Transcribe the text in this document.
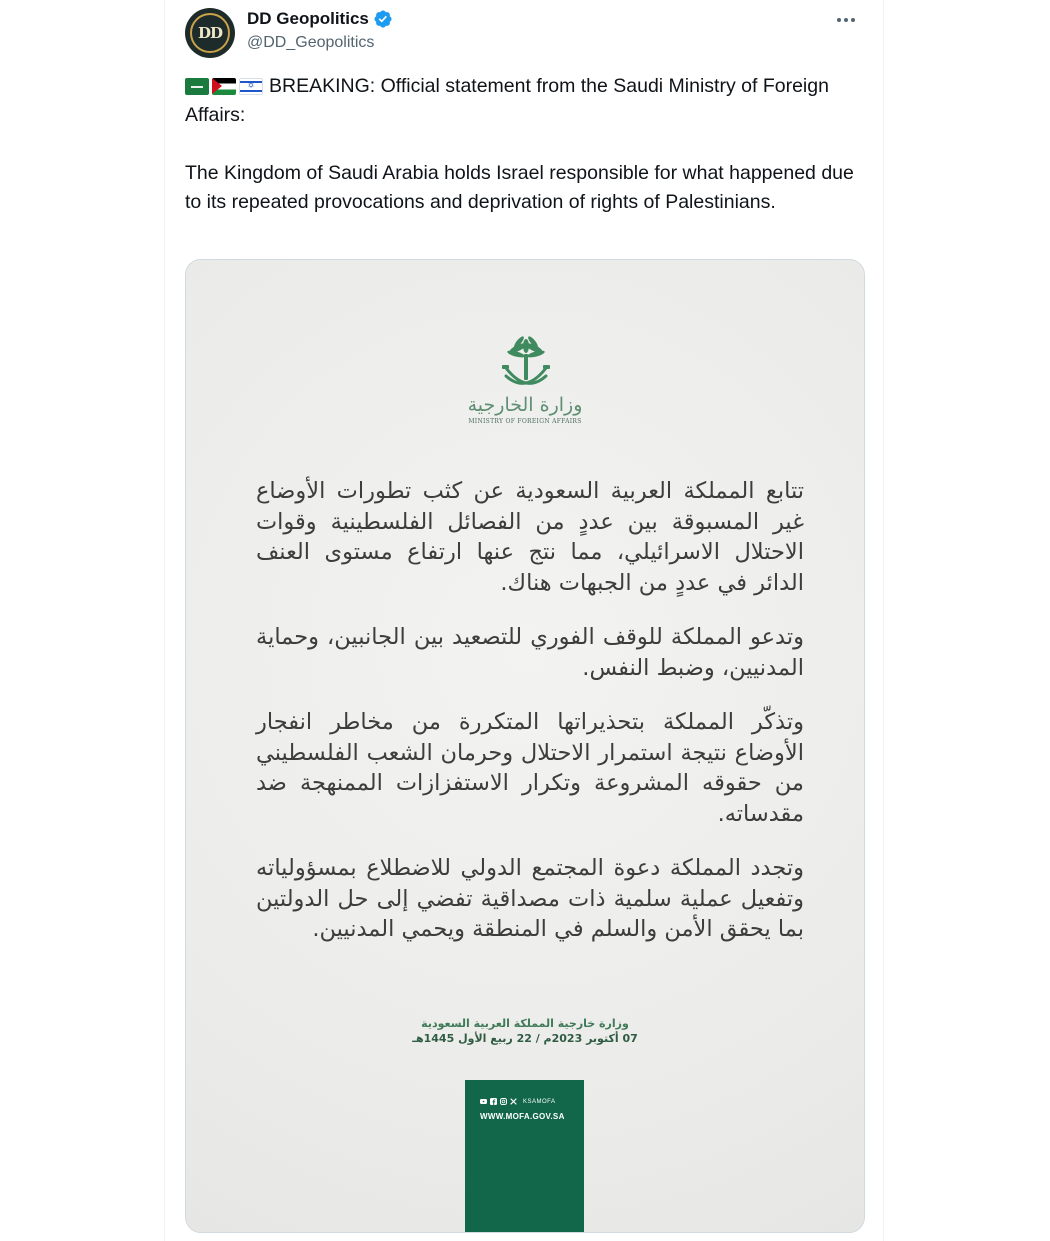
DD
DD Geopolitics
@DD_Geopolitics

✡
BREAKING: Official statement from the Saudi Ministry of Foreign Affairs:

The Kingdom of Saudi Arabia holds Israel responsible for what happened due to its repeated provocations and deprivation of rights of Palestinians.

وزارة الخارجية
MINISTRY OF FOREIGN AFFAIRS

تتابع المملكة العربية السعودية عن كثب تطورات الأوضاع غير المسبوقة بين عددٍ من الفصائل الفلسطينية وقوات الاحتلال الاسرائيلي، مما نتج عنها ارتفاع مستوى العنف الدائر في عددٍ من الجبهات هناك.

وتدعو المملكة للوقف الفوري للتصعيد بين الجانبين، وحماية المدنيين، وضبط النفس.

وتذكّر المملكة بتحذيراتها المتكررة من مخاطر انفجار الأوضاع نتيجة استمرار الاحتلال وحرمان الشعب الفلسطيني من حقوقه المشروعة وتكرار الاستفزازات الممنهجة ضد مقدساته.

وتجدد المملكة دعوة المجتمع الدولي للاضطلاع بمسؤولياته وتفعيل عملية سلمية ذات مصداقية تفضي إلى حل الدولتين بما يحقق الأمن والسلم في المنطقة ويحمي المدنيين.

وزارة خارجية المملكة العربية السعودية
07 أكتوبر 2023م / 22 ربيع الأول 1445هـ
KSAMOFA
WWW.MOFA.GOV.SA
